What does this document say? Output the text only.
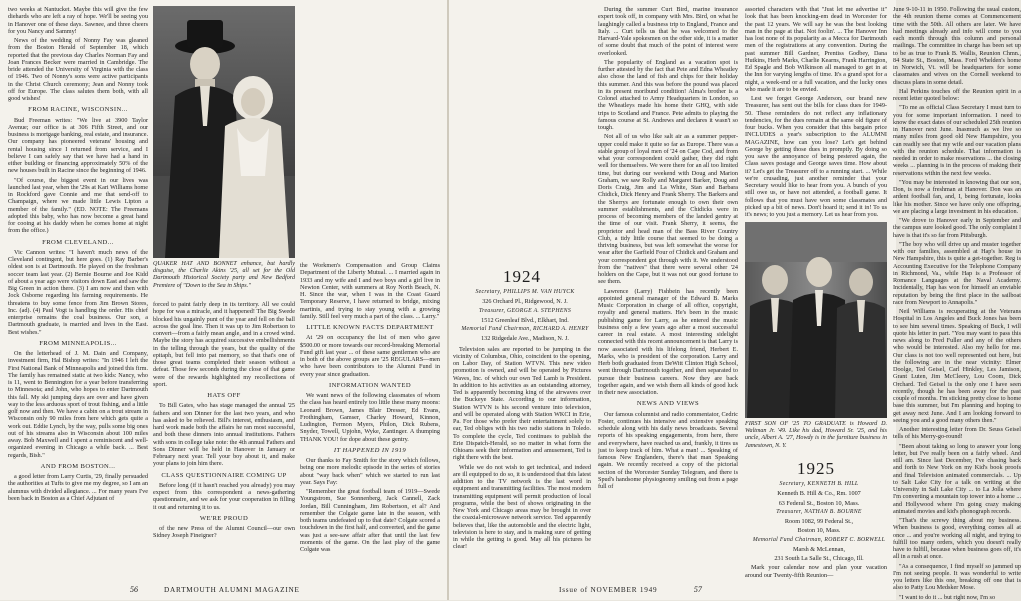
two weeks at Nantucket. Maybe this will give the few diehards who are left a ray of hope. We'll be seeing you in Hanover one of these days. Sawnee, and three cheers for you Nancy and Sammy!

News of the wedding of Nonny Fay was gleaned from the Boston Herald of September 18, which reported that the previous day Charles Norman Fay and Joan Frances Becker were married in Cambridge. The bride attended the University of Virginia with the class of 1946. Two of Nonny's sons were active participants in the Christ Church ceremony; Jean and Nonny took off for Europe. The class salutes them both, with all good wishes!

FROM RACINE, WISCONSIN...

Bud Freeman writes: "We live at 3900 Taylor Avenue; our office is at 306 Fifth Street, and our business is mortgage banking, real estate, and insurance. Our company has pioneered veterans' housing and rental housing since I returned from service, and I believe I can safely say that we have had a hand in either building or financing approximately 50% of the new houses built in Racine since the beginning of 1946.

"Of course, the biggest event in our lives was launched last year, when the '29s at Kari Williams home in Rockford gave Connie and me that send-off to Champaign, where we made little Lewis Lipton a member of the family." (ED. NOTE: The Freemans adopted this baby, who has now become a great hand for cooing at his daddy when he comes home at night from the office.)

FROM CLEVELAND...

Vic Cannon writes: "I haven't much news of the Cleveland contingent, but here goes. (1) Ray Barber's oldest son is at Dartmouth. He played on the freshman soccer team last year. (2) Bernie Bourne and Joe Kidd of about a year ago were visitors down East and saw the Big Green in action there. (3) I am now and then with Jock Osborne regarding his farming requirements. He threatens to buy some fence from Jim Brown Stores, Inc. (ad). (4) Paul Vogt is handling the order. His chief enterprise remains the coal business. Our son, a Dartmouth graduate, is married and lives in the East. Best wishes."

FROM MINNEAPOLIS...

On the letterhead of J. M. Dain and Company, investment firm, Hal Bishop writes: "In 1946 I left the First National Bank of Minneapolis and joined this firm. The family has remained static at two kids: Nancy, who is 11, went to Bennington for a year before transferring to Minnesota; and John, who hopes to enter Dartmouth this fall. My ski jumping days are over and have given way to the less arduous sport of trout fishing, and a little golf now and then. We have a cabin on a trout stream in Wisconsin only 90 miles from here which gets quite a work out. Eddie Lynch, by the way, pulls some big ones out of his streams also in Wisconsin about 100 miles away. Bob Maxwell and I spent a reminiscent and well-organized evening in Chicago a while back. ... Best regards, Bish."

AND FROM BOSTON...

a good letter from Larry Curtis, '29, finally persuaded the authorities at Tufts to give me my degree, so I am an alumnus with divided allegiance. ... For many years I've been back in Boston as a Chief Adjutant of

QUAKER HAT AND BONNET enhance, but hardly disguise, the Charlie Akins '25, all set for the Old Dartmouth Historical Society party and New Bedford Premiere of "Down to the Sea in Ships."

forced to paint fairly deep in its territory. All we could hope for was a miracle, and it happened! The Big Swede blocked his ungainly punt of the year and fell on the ball across the goal line. Then it was up to Jim Robertson to convert—from a fairly mean angle, and in a crowd wind. Maybe the story has acquired successive embellishments in the telling through the years, but the quality of the epitaph, but fell into pat memory, so that that's one of those great teams completed their season without a defeat. Those few seconds during the close of that game were of the rewards highlighted my recollections of sport.

HATS OFF

To Bill Gates, who has stage managed the annual '25 fathers and son Dinner for the last two years, and who has asked to be relieved. Bill's interest, enthusiasm, and hard work made both the affairs he ran most successful, and both these dinners into annual institutions. Fathers with sons in college take note: the 4th annual Fathers and Sons Dinner will be held in Hanover in January or February next year. Tell your boy about it, and make your plans to join him there.

CLASS QUESTIONNAIRE COMING UP

Before long (if it hasn't reached you already) you may expect from this correspondent a news-gathering questionnaire, and we ask for your cooperation in filling it out and returning it to us.

WE'RE PROUD

of the new Press of the Alumni Council—our own Sidney Joseph Fineigner?

the Workmen's Compensation and Group Claims Department of the Liberty Mutual. ... I married again in 1933 and my wife and I and two boys and a girl live in Newton Center, with summers at Roy North Beach, N. H. Since the war, when I was in the Coast Guard Temporary Reserve, I have returned to bridge, mixing martinis, and trying to stay young with a growing family. Still feel very much a part of the class. ... Larry."

LITTLE KNOWN FACTS DEPARTMENT

At '29 on occupancy the list of men who gave $500.00 or more towards our record-breaking Memorial Fund gift last year ... of these same gentlemen who are in both of the above groups are '25 REGULARS—men who have been contributors to the Alumni Fund in every year since graduation.

INFORMATION WANTED

We want news of the following classmates of whom the class has heard entirely too little these many moons: Leonard Brown, James Blair Dresser, Ed Evans, Frothingham, Gamser, Charley Howard, Kinnon, Ludington, Fermon Myers, Philon, Dick Rubens, Snyder, Towell, Upjohn, Wyke, Zantinger. A thumping THANK YOU! for dope about these gentry.

IT HAPPENED IN 1919

Our thanks to Fay Smith for the story which follows, being one more melodic episode in the series of stories about "way back when" which we started to run last year. Says Fay:

"Remember the great football team of 1919—Swede Youngstrom, Sue Sonnenberg, Jack Cannell, Zack Jordan, Bill Cunningham, Jim Robertson, et al? And remember the Colgate game late in the season, with both teams undefeated up to that date? Colgate scored a touchdown in the first half, and converted, and the game was just a see-saw affair after that until the last few moments of the game. On the last play of the game Colgate was

56	DARTMOUTH ALUMNI MAGAZINE
1924

Secretary, PHILLIPS M. VAN HUYCK

326 Orchard Pl., Ridgewood, N. J.

Treasurer, GEORGE A. STEPHENS

1512 Greenleaf Blvd., Elkhart, Ind.

Memorial Fund Chairman, RICHARD A. HENRY

132 Ridgedale Ave., Madison, N. J.

Television sales are reported to be jumping in the vicinity of Columbus, Ohio, coincident to the opening, on Labor Day, of Station WTVN. This new video promotion is owned, and will be operated by Pictures Waves, Inc. of which our own Ted Lamb is President. In addition to his activities as an outstanding attorney, Ted is apparently becoming king of the airwaves over the Buckeye State. According to our information, Station WTVN is his second venture into television, and will be operated along with Station WKCI in Erie, Pa. For those who prefer their entertainment solely to ear, Ted obliges with his two radio stations in Toledo. To complete the cycle, Ted continues to publish the Erie Dispatch-Herald, so no matter in what form the Ohioans seek their information and amusement, Ted is right there with the best.

While we do not wish to get technical, and indeed are ill equipped to do so, it is understood that this latest addition to the TV network is the last word in equipment and transmitting facilities. The most modern transmitting equipment will permit production of local programs, while the best of shows originating in the New York and Chicago areas may be brought in over the coaxial-microwave network service. Ted apparently believes that, like the automobile and the electric light, television is here to stay, and is making sure of getting in while the getting is good. May all his pictures be clear!

During the summer Curt Bird, marine insurance expert took off, in company with Mrs. Bird, on what he laughingly called a business trip to England, France and Italy. ... Curt tells us that he was welcomed to the Harvard-Yale spokesmen on the other side, it is a matter of some doubt that much of the point of interest were overlooked.

The popularity of England as a vacation spot is further attested by the fact that Pete and Edna Wheatley also chose the land of fish and chips for their holiday this summer. And this was before the pound was placed in its present moribund condition! Alma's brother is a Colonel attached to Army Headquarters in London, so the Wheatleys made his home their GHQ, with side trips to Scotland and France. Pete admits to playing the famous course at St. Andrews and declares it wasn't so tough.

Not all of us who like salt air as a summer pepper-upper could make it quite so far as Europe. There was a stable group of loyal men of '24 on Cape Cod, and from what your correspondent could gather, they did right well for themselves. We were there for an all too limited time, but during our weekend with Doug and Marion Graham, we saw Rolly and Margaret Barker, Doug and Doris Craig, Jim and La White, Stan and Barbara Chidick, Dick Henry and Frank Sherry. The Barkers and the Sherrys are fortunate enough to own their own summer establishments, and the Chidicks were in process of becoming members of the landed gentry at the time of our visit. Frank Sherry, it seems, the proprietor and head man of the Bass River Country Club, a tidy little course that seemed to be doing a thriving business, but was left somewhat the worse for wear after the Garfield Four of Chidick and Graham and your correspondent got through with it. We understood from the "natives" that there were several other '24 holders on the Cape, but it was not our good fortune to see them.

Lawrence (Larry) Fishbein has recently been appointed general manager of the Edward B. Marks Music Corporation in charge of all office, copyright, royalty and general matters. He's been in the music publishing game for Larry, as he entered the music business only a few years ago after a most successful career in real estate. A most interesting sidelight connected with this recent announcement is that Larry is now associated with his lifelong friend, Herbert E. Marks, who is president of the corporation. Larry and Herb both graduated from DeWitt Clinton High School, went through Dartmouth together, and then separated to pursue their business careers. Now they are back together again, and we wish them all kinds of good luck in their new association.

NEWS AND VIEWS

Our famous columnist and radio commentator, Cedric Foster, continues his intensive and extensive speaking schedule along with his daily news broadcasts. Several reports of his speaking engagements, from here, there and everywhere, have reached us and, frankly, it tires us just to keep track of him. What a man! ... Speaking of famous New Englanders, there's that man Speaking again. We recently received a copy of the pictorial section of the Worcester Sunday Telegram, and there is Spud's handsome physiognomy smiling out from a page full of

assorted characters with that "Just let me advertise it" look that has been knocking-em dead in Worcester for the past 12 years. We will say he was the best looking man in the page at that. Not foolin'. ... The Hanover Inn has lost none of its popularity as a Mecca for Dartmouth men of the registrations at any convention. During the past summer Bill Gardner, Prentiss Godbey, Dana Hutkins, Herb Marks, Charlie Kearns, Frank Harrington, Ed Spagle and Bob Wilkinson all managed to get in at the Inn for varying lengths of time. It's a grand spot for a night, a week-end or a full vacation, and the lucky ones who made it are to be envied.

Lest we forget George Anderson, our brand new Treasurer, has sent out the bills for class dues for 1949-50. These reminders do not reflect any inflationary tendencies, for the dues remain at the same old figure of four bucks. When you consider that this bargain price INCLUDES a year's subscription to the ALUMNI MAGAZINE, how can you lose? Let's get behind George by getting those dues in promptly. By doing so you save the annoyance of being pestered again, the Class saves postage and George saves time. How about it? Let's get the Treasurer off to a running start. ... While we're crusading, just another reminder that your Secretary would like to hear from you. A bunch of you still owe us, or have not attended, a football game. It follows that you must have won some classmates and picked up a bit of news. Don't hoard it; send it in! To us it's news; to you just a memory. Let us hear from you.

FIRST SON OF '25 TO GRADUATE is Howard D. Waltman Jr. '49. Like his dad, Howard Sr. '25, and his uncle, Albert A. '27, Howdy is in the furniture business in Jamestown, N. Y.
1925

Secretary, KENNETH B. HILL

Kenneth B. Hill & Co., Rm. 1007

63 Federal St., Boston 10, Mass.

Treasurer, NATHAN B. BOURNE

Room 1082, 99 Federal St.,

Boston 10, Mass.

Memorial Fund Chairman, ROBERT C. BORWELL

Marsh & McLennan,

231 South La Salle St., Chicago, Ill.

Mark your calendar now and plan your vacation around our Twenty-fifth Reunion—

June 9-10-11 in 1950. Following the usual custom, the 4th reunion theme comes at Commencement time with the 50th. All others are later. We have had meetings already and info will come to you each month through this column and personal mailings. The committee in charge has been set up to be as true to Frank B. Wallis, Reunion Chmn., 84 State St., Boston, Mass. Ford Whelden's home in Norwich, Vt. will be headquarters for some classmates and wives on the Cornell weekend to discuss plans in some detail.

Hal Perkins touches off the Reunion spirit in a recent letter quoted below:

"To me as official Class Secretary I must turn to you for some important information. I need to know the exact dates of our scheduled 25th reunion in Hanover next June. Inasmuch as we live so many miles from good old New Hampshire, you can readily see that my wife and our vacation plans with the reunion schedule. That information is needed in order to make reservations ... the closing weeks ... planning is in the process of making their reservations within the next few weeks.

"You may be interested in knowing that our son, Don, is now a freshman at Hanover. Don was an ardent football fan, and, I, being fortunate, looks like his mother. Since we have only one offspring, we are placing a large investment in his education.

"We drove to Hanover early in September and the campus sure looked good. The only complaint I have is that it's so far from Pittsburgh.

"The boy who will drive up and muster together with our families, assembled at Hap's house in New Hampshire, this is quite a get-together. Reg is Accounting Executive for the Telephone Company in Richmond, Va., while Hap is a Professor of Romance Languages at the Naval Academy. Incidentally, Hap has won for himself an enviable reputation by being the first place in the sailboat race from Newport to Annapolis."

Neil Williams is recuperating at the Veterans Hospital in Los Angeles and Buck Jones has been to see him several times. Speaking of Buck, I will quote his letter in part. "You may want to pass this news along to Fred Fuller and any of the others who would be interested. Also my hello for me. Our class is not too well represented out here, but the following are in the near vicinity: Elmer Doolge, Ted Geisel, Carl Hinkley, Les Jamison, Grant Luten, Jim McCleery, Lou Coom, Dick Orchard. Ted Geisel is the only one I have seen recently, though he has been away for the past couple of months. I'm sticking pretty close to home base this summer, but I'm planning and hoping to get away next June. And I am looking forward to seeing you and a good many others then."

Another interesting letter from Dr. Seuss Geisel tells of his Merry-go-round!

"Been about taking so long to answer your long letter, but I've really been on a fairly wheel. And still am. Since last December, I've chasing back and forth to New York on my Kid's book proofs and final Television animated commercials. ... Up to Salt Lake City for a talk on writing at the University in Salt Lake City ... to La Jolla where I'm converting a mountain top tower into a home ... and Hollywood where I'm going crazy making animated movies and kid's phonograph records.

"That's the screwy thing about my business. When business is good, everything comes all at once ... and you're working all night, and trying to fulfill too many orders, which you doesn't really have to fulfill, because when business goes off, it's all in a rush at once.

"As a consequence, I find myself so jammed up I'm not seeing people. It was wonderful to write you letters like this one, breaking off one that is also to Patty Lou Medsker Mose.

"I want to do it ... but right now, I'm so

Issue of NOVEMBER 1949	57
